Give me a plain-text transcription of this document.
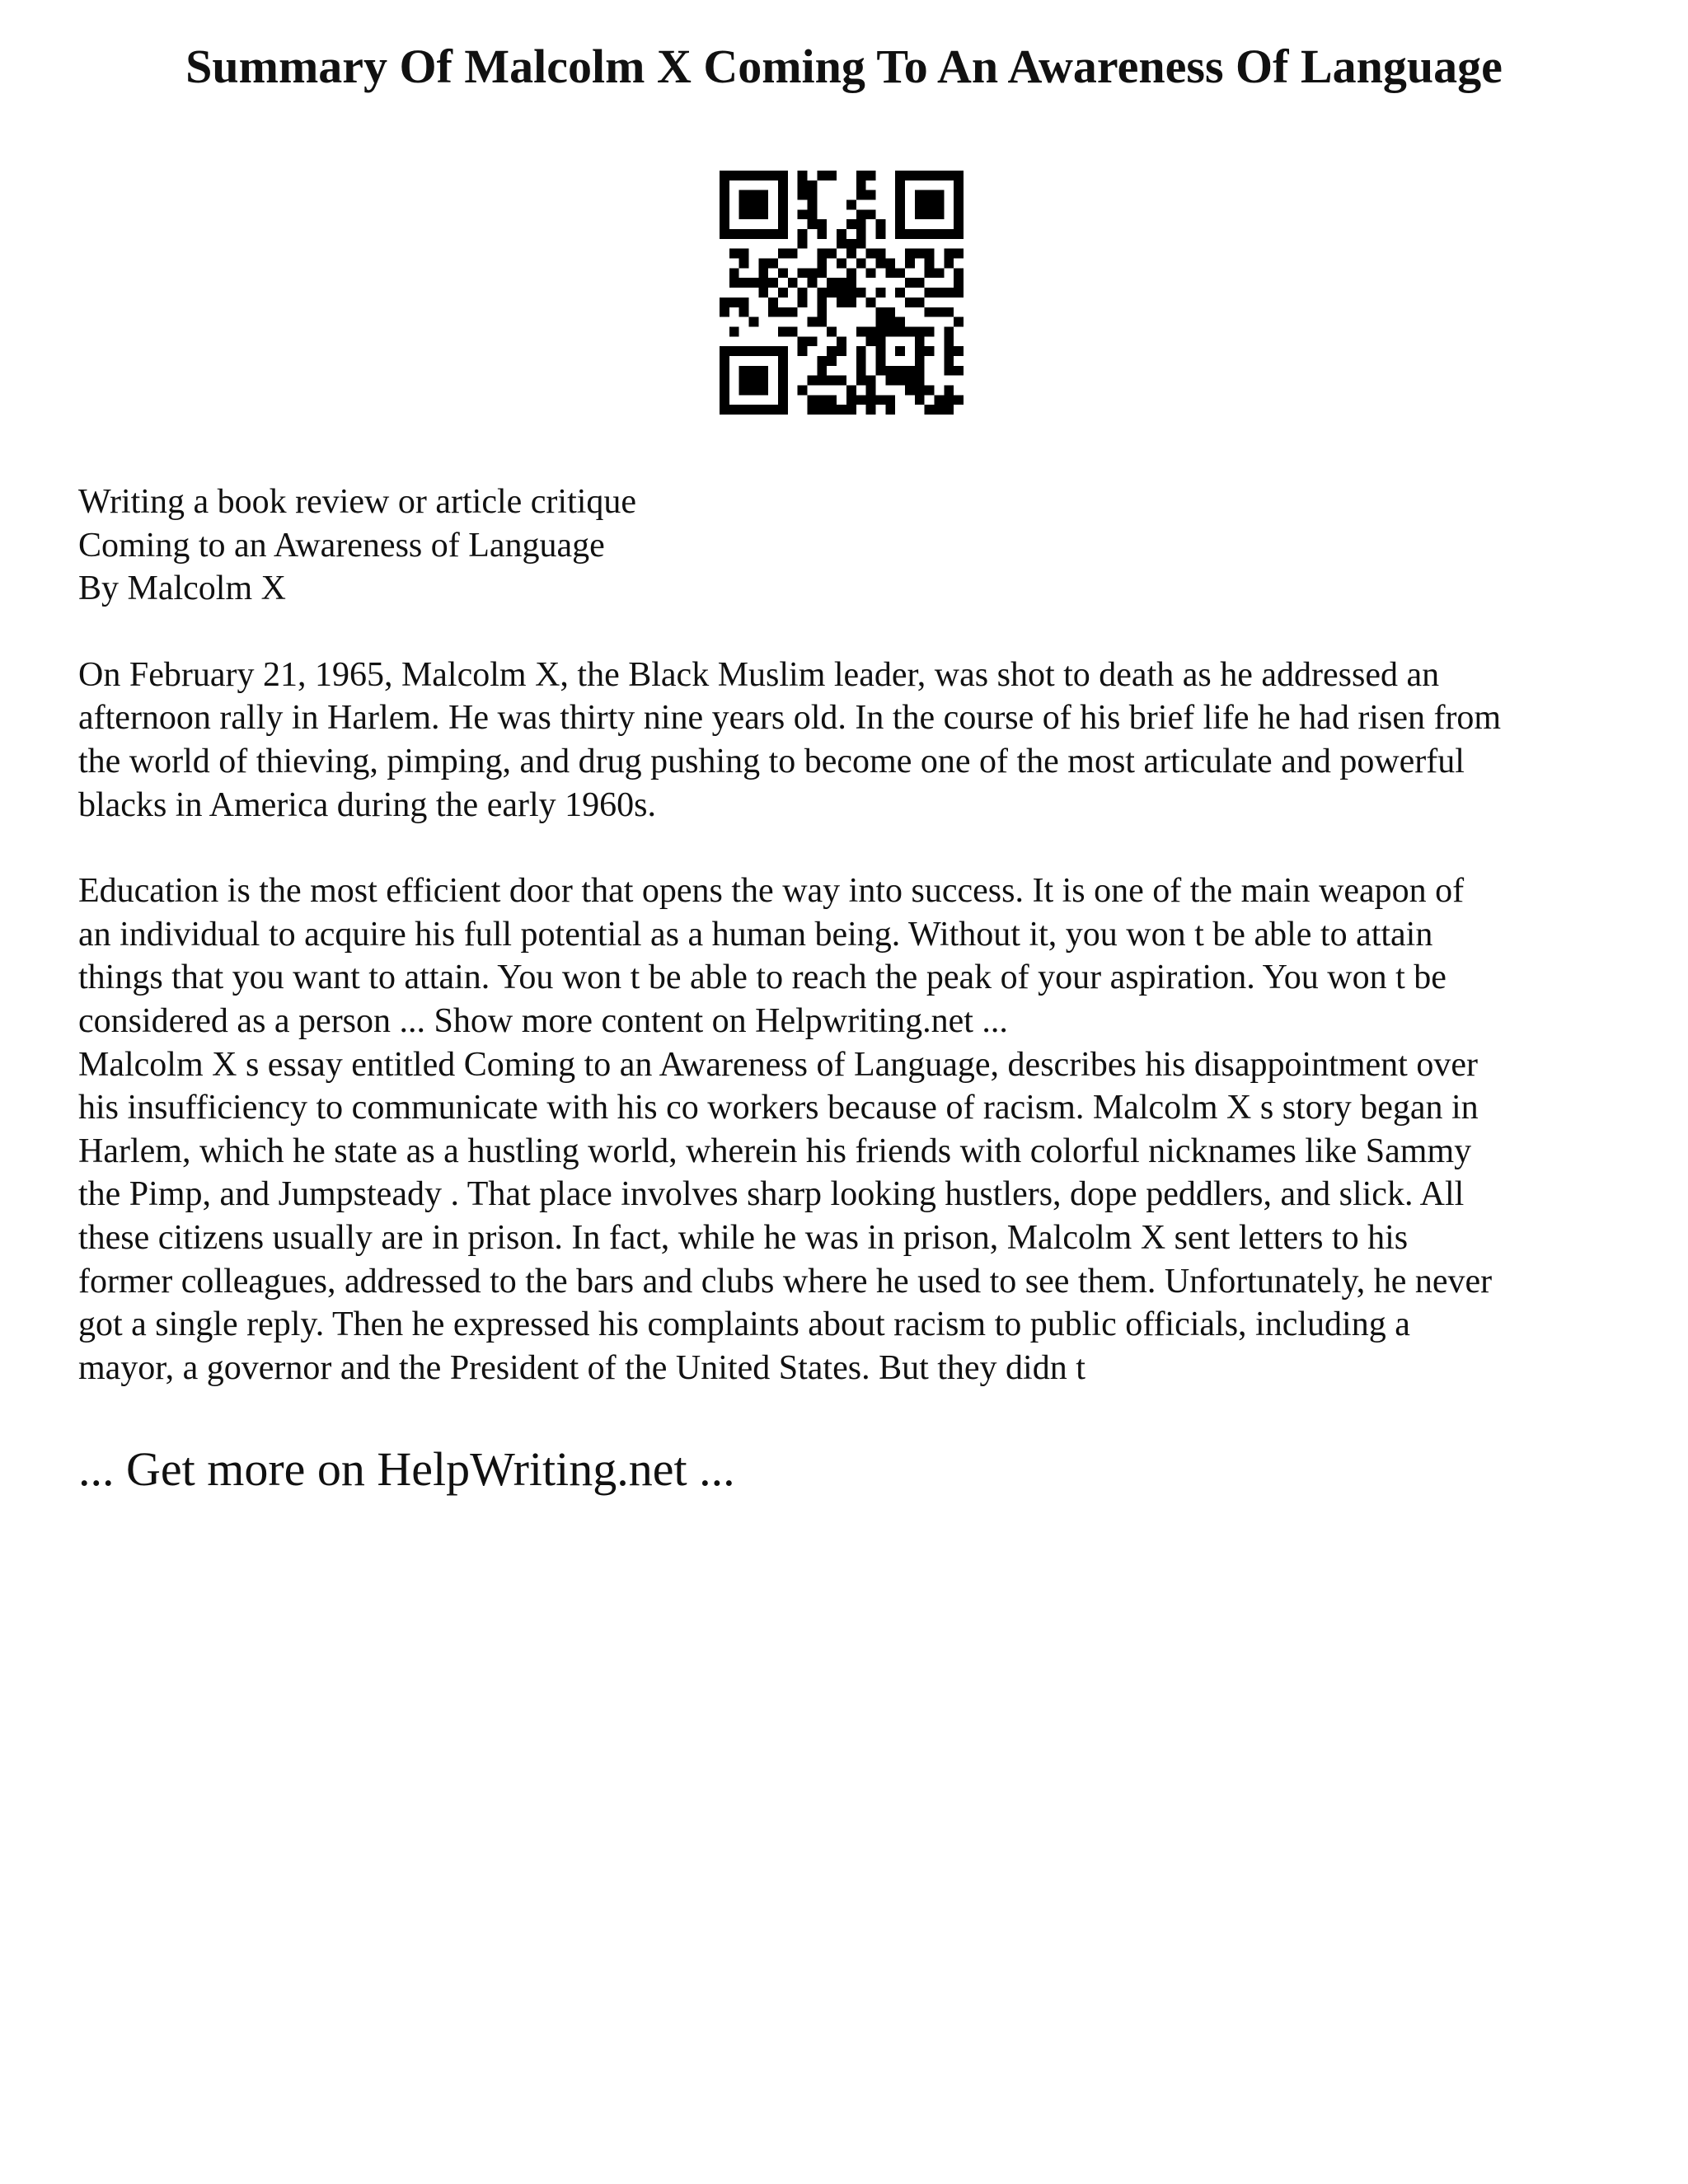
Summary Of Malcolm X Coming To An Awareness Of Language
Writing a book review or article critique
Coming to an Awareness of Language
By Malcolm X
On February 21, 1965, Malcolm X, the Black Muslim leader, was shot to death as he addressed an
afternoon rally in Harlem. He was thirty nine years old. In the course of his brief life he had risen from
the world of thieving, pimping, and drug pushing to become one of the most articulate and powerful
blacks in America during the early 1960s.
Education is the most efficient door that opens the way into success. It is one of the main weapon of
an individual to acquire his full potential as a human being. Without it, you won t be able to attain
things that you want to attain. You won t be able to reach the peak of your aspiration. You won t be
considered as a person ... Show more content on Helpwriting.net ...
Malcolm X s essay entitled Coming to an Awareness of Language, describes his disappointment over
his insufficiency to communicate with his co workers because of racism. Malcolm X s story began in
Harlem, which he state as a hustling world, wherein his friends with colorful nicknames like Sammy
the Pimp, and Jumpsteady . That place involves sharp looking hustlers, dope peddlers, and slick. All
these citizens usually are in prison. In fact, while he was in prison, Malcolm X sent letters to his
former colleagues, addressed to the bars and clubs where he used to see them. Unfortunately, he never
got a single reply. Then he expressed his complaints about racism to public officials, including a
mayor, a governor and the President of the United States. But they didn t
... Get more on HelpWriting.net ...
